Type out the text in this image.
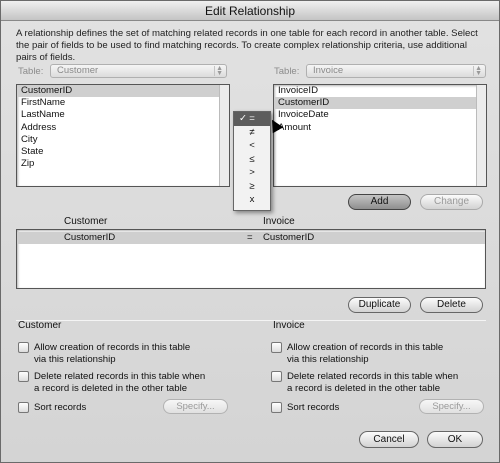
Edit Relationship
A relationship defines the set of matching related records in one table for each record in another table. Select the pair of fields to be used to find matching records. To create complex relationship criteria, use additional pairs of fields.
Table:	Customer	▲
▼	Table:	Invoice	▲
▼
CustomerID
FirstName
LastName
Address
City
State
Zip
InvoiceID
CustomerID
InvoiceDate
Amount
✓ =
≠
<
≤
>
≥
x	Add	Change
Customer	Invoice
CustomerID	= CustomerID
Duplicate	Delete
Customer
Allow creation of records in this table
via this relationship
Delete related records in this table when
a record is deleted in the other table
Sort records	Specify...
Invoice
Allow creation of records in this table
via this relationship
Delete related records in this table when
a record is deleted in the other table
Sort records	Specify...
Cancel	OK
